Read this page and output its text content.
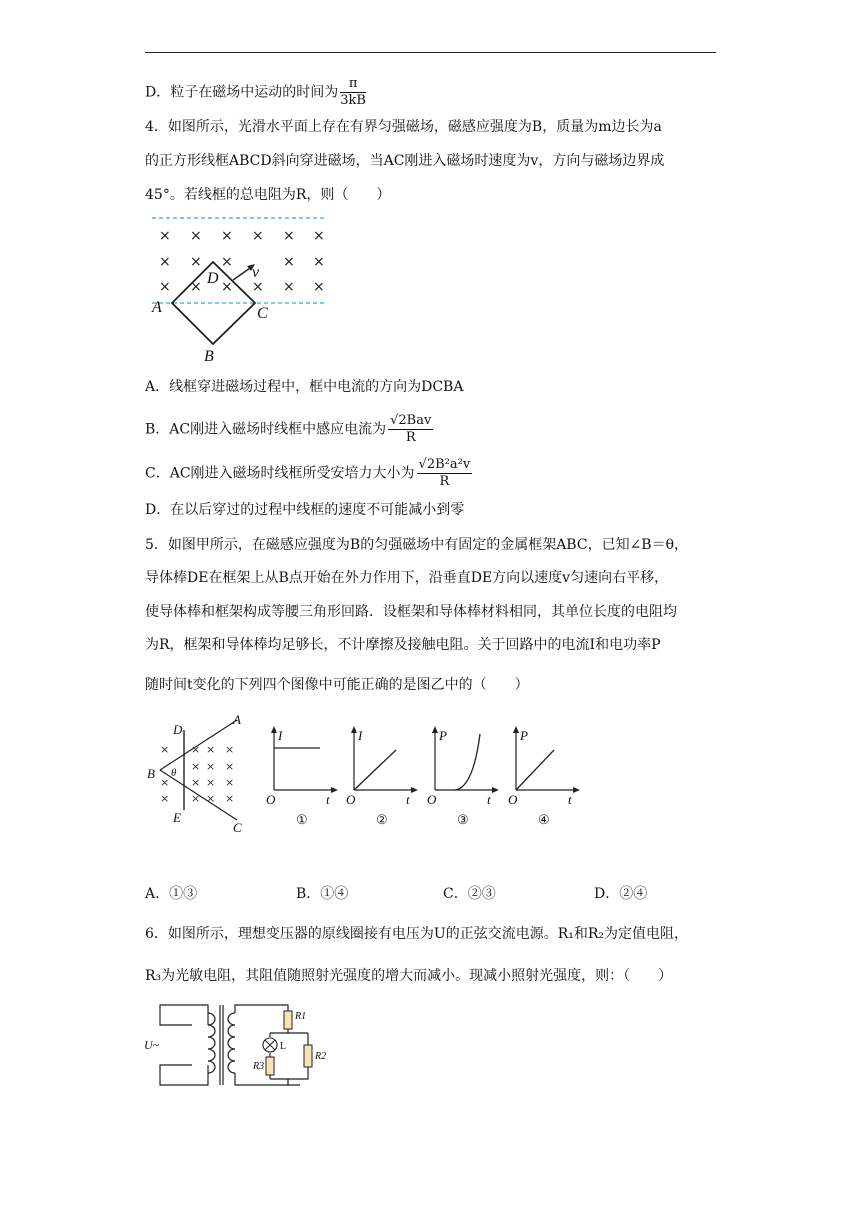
D．粒子在磁场中运动的时间为 $\frac{\pi}{3kB}$
4．如图所示，光滑水平面上存在有界匀强磁场，磁感应强度为B，质量为m边长为a
的正方形线框ABCD斜向穿进磁场，当AC刚进入磁场时速度为v，方向与磁场边界成
45°。若线框的总电阻为R，则（　　）
× × × × × ×
× × ×	× ×
× × × × × ×
D v
A	C
B
A．线框穿进磁场过程中，框中电流的方向为DCBA
B．AC刚进入磁场时线框中感应电流为 $\frac{\text{√2Bav}}{R}$
C．AC刚进入磁场时线框所受安培力大小为 $\frac{\text{√2B²a²v}}{R}$
D．在以后穿过的过程中线框的速度不可能减小到零
5．如图甲所示，在磁感应强度为B的匀强磁场中有固定的金属框架ABC，已知∠B＝θ，
导体棒DE在框架上从B点开始在外力作用下，沿垂直DE方向以速度v匀速向右平移，
使导体棒和框架构成等腰三角形回路．设框架和导体棒材料相同，其单位长度的电阻均
为R，框架和导体棒均足够长，不计摩擦及接触电阻。关于回路中的电流I和电功率P
随时间t变化的下列四个图像中可能正确的是图乙中的（　　）
× × × ×
× × ×
× × × ×
× × × ×
A
D
B θ
E
C
I
t
O
①
I
t
O
②
P
t
O
③
P
t
O
④
A．①③	B．①④	C．②③	D．②④
6．如图所示，理想变压器的原线圈接有电压为U的正弦交流电源。R₁和R₂为定值电阻，
R₃为光敏电阻，其阻值随照射光强度的增大而减小。现减小照射光强度，则：（　　）
U~
R1
R2
R3
L
